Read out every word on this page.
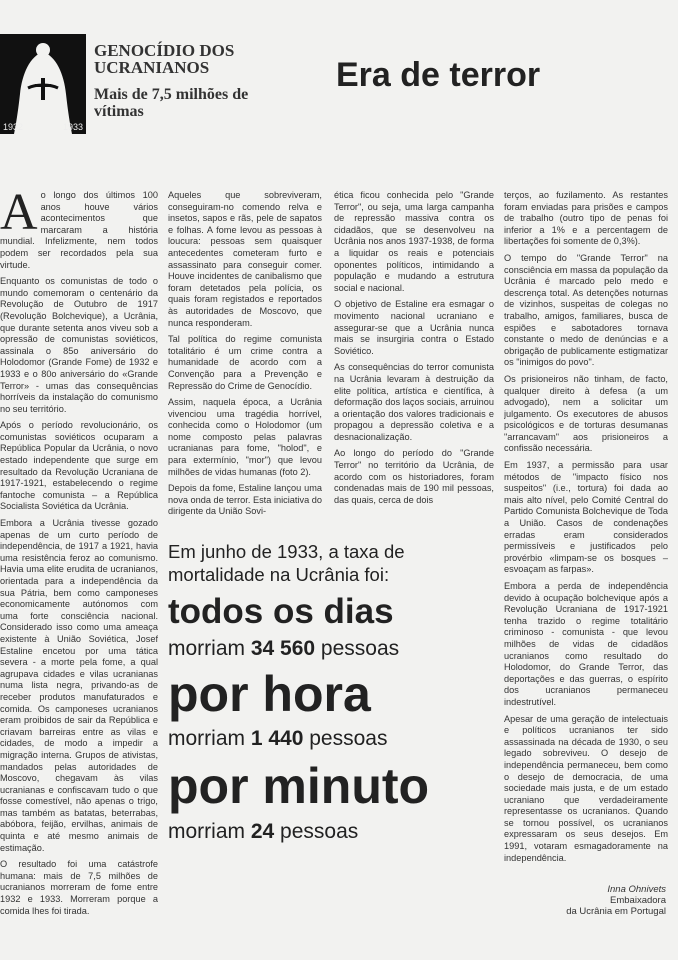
1932	1933
GENOCÍDIO DOS UCRANIANOS
Mais de 7,5 milhões de vítimas
Era de terror

Ao longo dos últimos 100 anos houve vários acontecimentos que marcaram a história mundial. Infelizmente, nem todos podem ser recordados pela sua virtude.

Enquanto os comunistas de todo o mundo comemoram o centenário da Revolução de Outubro de 1917 (Revolução Bolchevique), a Ucrânia, que durante setenta anos viveu sob a opressão de comunistas soviéticos, assinala o 85o aniversário do Holodomor (Grande Fome) de 1932 e 1933 e o 80o aniversário do «Grande Terror» - umas das consequências horríveis da instalação do comunismo no seu território.

Após o período revolucionário, os comunistas soviéticos ocuparam a República Popular da Ucrânia, o novo estado independente que surge em resultado da Revolução Ucraniana de 1917-1921, estabelecendo o regime fantoche comunista – a República Socialista Soviética da Ucrânia.

Embora a Ucrânia tivesse gozado apenas de um curto período de independência, de 1917 a 1921, havia uma resistência feroz ao comunismo. Havia uma elite erudita de ucranianos, orientada para a independência da sua Pátria, bem como camponeses economicamente autónomos com uma forte consciência nacional. Considerado isso como uma ameaça existente à União Soviética, Josef Estaline encetou por uma tática severa - a morte pela fome, a qual agrupava cidades e vilas ucranianas numa lista negra, privando-as de receber produtos manufaturados e comida. Os camponeses ucranianos eram proibidos de sair da República e criavam barreiras entre as vilas e cidades, de modo a impedir a migração interna. Grupos de ativistas, mandados pelas autoridades de Moscovo, chegavam às vilas ucranianas e confiscavam tudo o que fosse comestível, não apenas o trigo, mas também as batatas, beterrabas, abóbora, feijão, ervilhas, animais de quinta e até mesmo animais de estimação.

O resultado foi uma catástrofe humana: mais de 7,5 milhões de ucranianos morreram de fome entre 1932 e 1933. Morreram porque a comida lhes foi tirada.

Aqueles que sobreviveram, conseguiram-no comendo relva e insetos, sapos e rãs, pele de sapatos e folhas. A fome levou as pessoas à loucura: pessoas sem quaisquer antecedentes cometeram furto e assassinato para conseguir comer. Houve incidentes de canibalismo que foram detetados pela polícia, os quais foram registados e reportados às autoridades de Moscovo, que nunca responderam.

Tal política do regime comunista totalitário é um crime contra a humanidade de acordo com a Convenção para a Prevenção e Repressão do Crime de Genocídio.

Assim, naquela época, a Ucrânia vivenciou uma tragédia horrível, conhecida como o Holodomor (um nome composto pelas palavras ucranianas para fome, "holod", e para extermínio, "mor") que levou milhões de vidas humanas (foto 2).

Depois da fome, Estaline lançou uma nova onda de terror. Esta iniciativa do dirigente da União Sovi-

ética ficou conhecida pelo "Grande Terror", ou seja, uma larga campanha de repressão massiva contra os cidadãos, que se desenvolveu na Ucrânia nos anos 1937-1938, de forma a liquidar os reais e potenciais oponentes políticos, intimidando a população e mudando a estrutura social e nacional.

O objetivo de Estaline era esmagar o movimento nacional ucraniano e assegurar-se que a Ucrânia nunca mais se insurgiria contra o Estado Soviético.

As consequências do terror comunista na Ucrânia levaram à destruição da elite política, artística e científica, à deformação dos laços sociais, arruinou a orientação dos valores tradicionais e propagou a depressão coletiva e a desnacionalização.

Ao longo do período do "Grande Terror" no território da Ucrânia, de acordo com os historiadores, foram condenadas mais de 190 mil pessoas, das quais, cerca de dois

terços, ao fuzilamento. As restantes foram enviadas para prisões e campos de trabalho (outro tipo de penas foi inferior a 1% e a percentagem de libertações foi somente de 0,3%).

O tempo do "Grande Terror" na consciência em massa da população da Ucrânia é marcado pelo medo e descrença total. As detenções noturnas de vizinhos, suspeitas de colegas no trabalho, amigos, familiares, busca de espiões e sabotadores tornava constante o medo de denúncias e a obrigação de publicamente estigmatizar os "inimigos do povo".

Os prisioneiros não tinham, de facto, qualquer direito à defesa (a um advogado), nem a solicitar um julgamento. Os executores de abusos psicológicos e de torturas desumanas "arrancavam" aos prisioneiros a confissão necessária.

Em 1937, a permissão para usar métodos de "impacto físico nos suspeitos" (i.e., tortura) foi dada ao mais alto nível, pelo Comité Central do Partido Comunista Bolchevique de Toda a União. Casos de condenações erradas eram considerados permissíveis e justificados pelo provérbio «limpam-se os bosques – esvoaçam as farpas».

Embora a perda de independência devido à ocupação bolchevique após a Revolução Ucraniana de 1917-1921 tenha trazido o regime totalitário criminoso - comunista - que levou milhões de vidas de cidadãos ucranianos como resultado do Holodomor, do Grande Terror, das deportações e das guerras, o espírito dos ucranianos permaneceu indestrutível.

Apesar de uma geração de intelectuais e políticos ucranianos ter sido assassinada na década de 1930, o seu legado sobreviveu. O desejo de independência permaneceu, bem como o desejo de democracia, de uma sociedade mais justa, e de um estado ucraniano que verdadeiramente representasse os ucranianos. Quando se tornou possível, os ucranianos expressaram os seus desejos. Em 1991, votaram esmagadoramente na independência.

Em junho de 1933, a taxa de mortalidade na Ucrânia foi:
todos os dias
morriam 34 560 pessoas
por hora
morriam 1 440 pessoas
por minuto
morriam 24 pessoas
Inna Ohnivets
Embaixadora
da Ucrânia em Portugal
